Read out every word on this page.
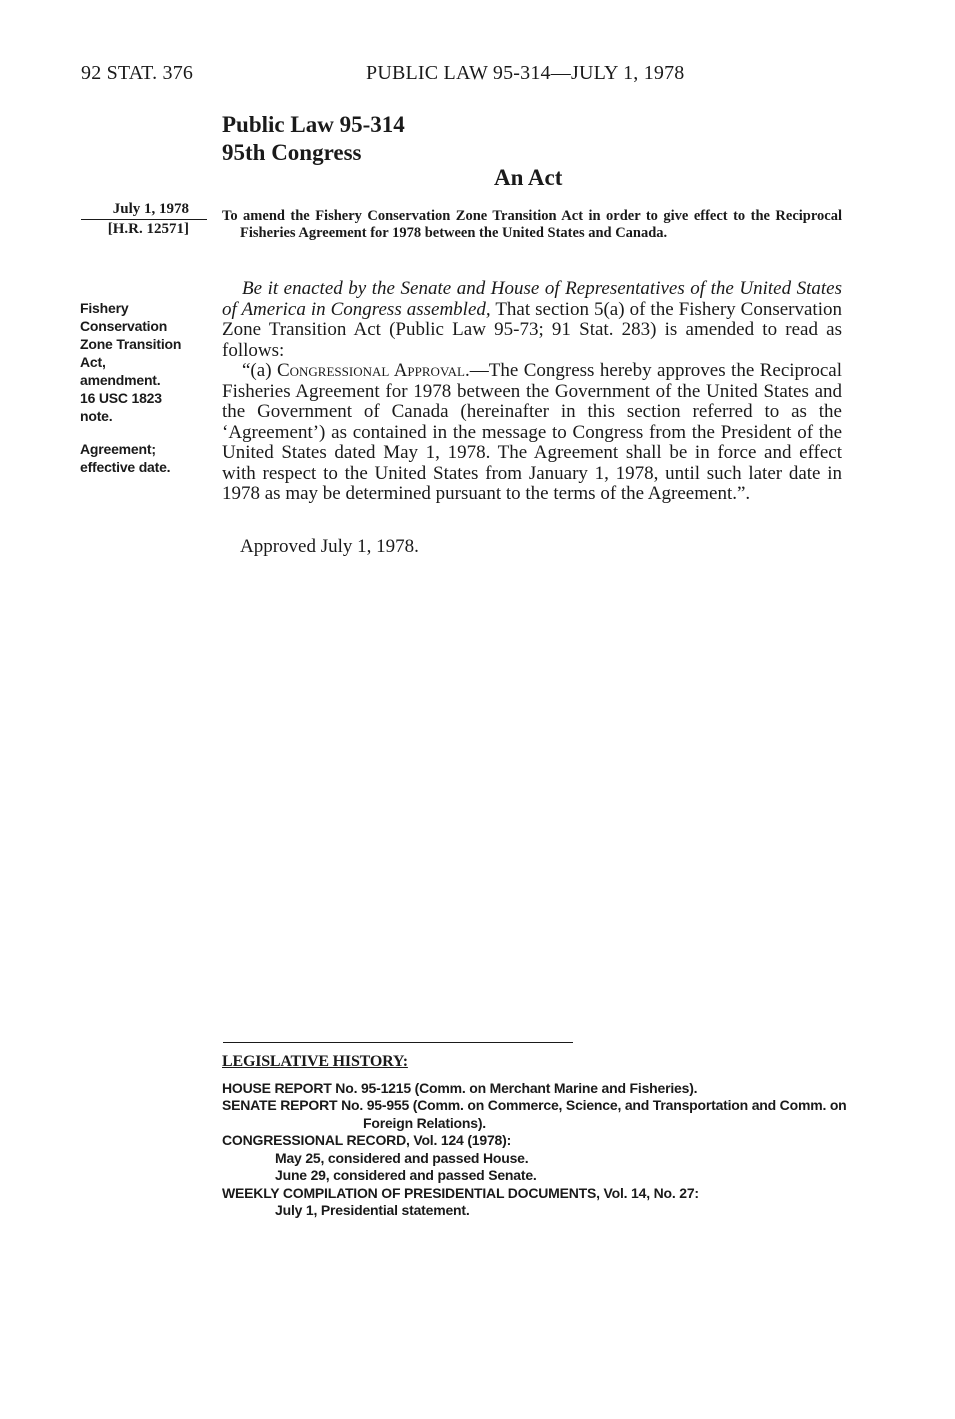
92 STAT. 376	PUBLIC LAW 95-314—JULY 1, 1978
Public Law 95-314
95th Congress
An Act
July 1, 1978
[H.R. 12571]
Fishery
Conservation
Zone Transition
Act,
amendment.
16 USC 1823
note.
Agreement;
effective date.
To amend the Fishery Conservation Zone Transition Act in order to give effect to the Reciprocal Fisheries Agreement for 1978 between the United States and Canada.

Be it enacted by the Senate and House of Representatives of the United States of America in Congress assembled, That section 5(a) of the Fishery Conservation Zone Transition Act (Public Law 95-73; 91 Stat. 283) is amended to read as follows:

“(a) Congressional Approval.—The Congress hereby approves the Reciprocal Fisheries Agreement for 1978 between the Government of the United States and the Government of Canada (hereinafter in this section referred to as the ‘Agreement’) as contained in the message to Congress from the President of the United States dated May 1, 1978. The Agreement shall be in force and effect with respect to the United States from January 1, 1978, until such later date in 1978 as may be determined pursuant to the terms of the Agreement.”.

Approved July 1, 1978.
LEGISLATIVE HISTORY:
HOUSE REPORT No. 95-1215 (Comm. on Merchant Marine and Fisheries).
SENATE REPORT No. 95-955 (Comm. on Commerce, Science, and Transportation and Comm. on Foreign Relations).
CONGRESSIONAL RECORD, Vol. 124 (1978):
May 25, considered and passed House.
June 29, considered and passed Senate.
WEEKLY COMPILATION OF PRESIDENTIAL DOCUMENTS, Vol. 14, No. 27:
July 1, Presidential statement.
